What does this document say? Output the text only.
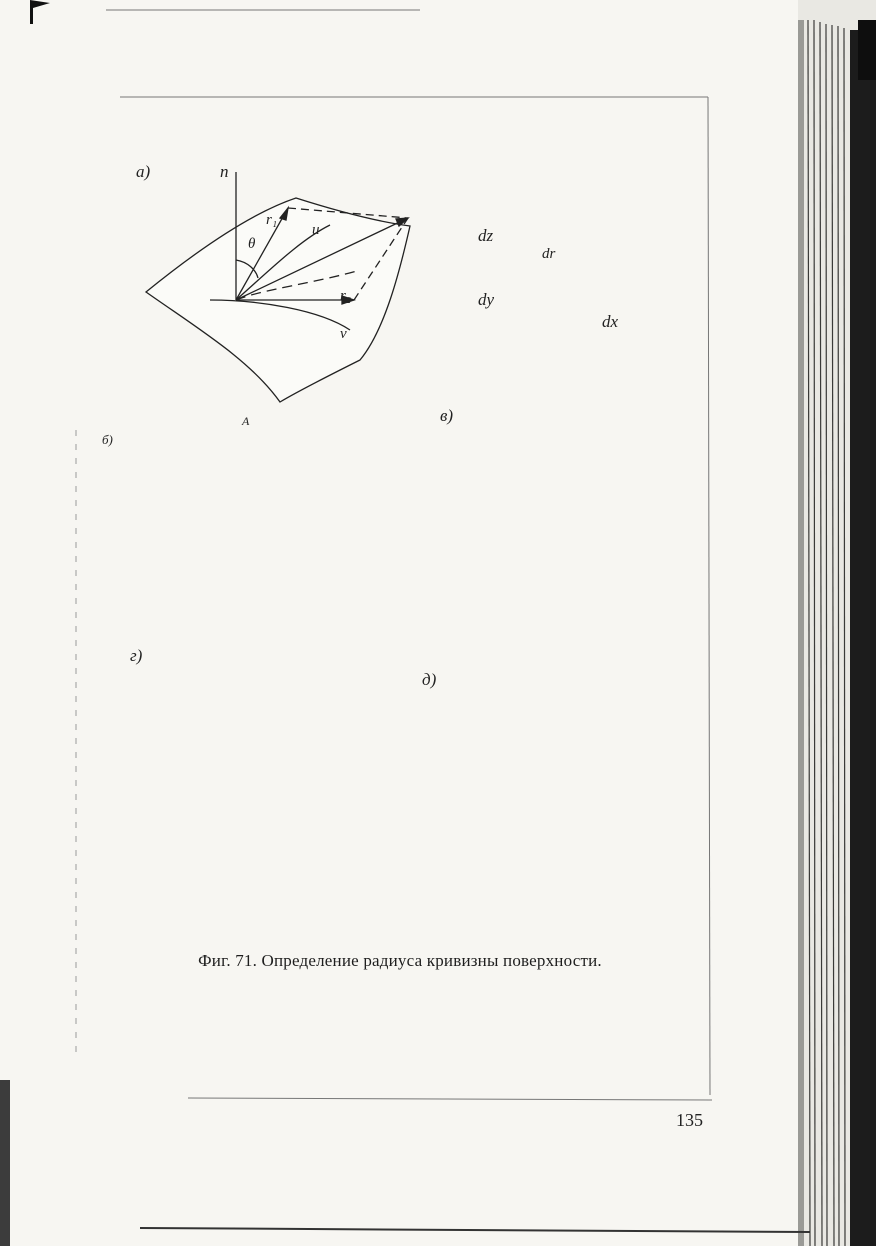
а)
б)
в)
г)
д)
n
r₁
r₂
θ
u
v
dz
dr
dy
dx
A
Фиг. 71. Определение радиуса кривизны поверхности.
135
